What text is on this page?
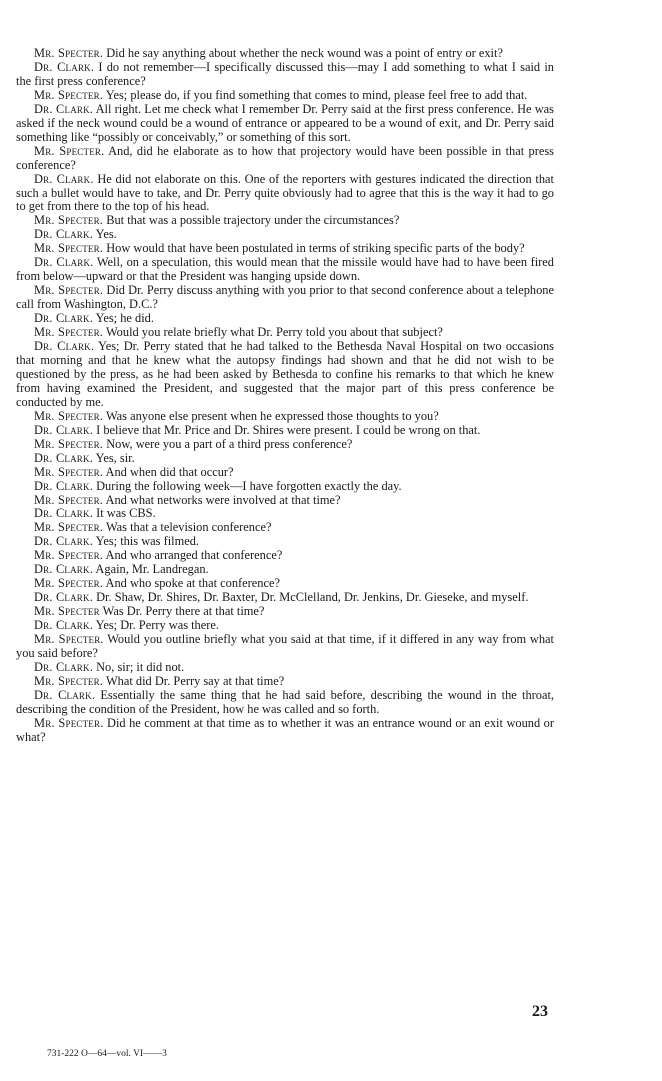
Mr. Specter. Did he say anything about whether the neck wound was a point of entry or exit?

Dr. Clark. I do not remember—I specifically discussed this—may I add something to what I said in the first press conference?

Mr. Specter. Yes; please do, if you find something that comes to mind, please feel free to add that.

Dr. Clark. All right. Let me check what I remember Dr. Perry said at the first press conference. He was asked if the neck wound could be a wound of entrance or appeared to be a wound of exit, and Dr. Perry said something like “possibly or conceivably,” or something of this sort.

Mr. Specter. And, did he elaborate as to how that projectory would have been possible in that press conference?

Dr. Clark. He did not elaborate on this. One of the reporters with gestures indicated the direction that such a bullet would have to take, and Dr. Perry quite obviously had to agree that this is the way it had to go to get from there to the top of his head.

Mr. Specter. But that was a possible trajectory under the circumstances?

Dr. Clark. Yes.

Mr. Specter. How would that have been postulated in terms of striking specific parts of the body?

Dr. Clark. Well, on a speculation, this would mean that the missile would have had to have been fired from below—upward or that the President was hanging upside down.

Mr. Specter. Did Dr. Perry discuss anything with you prior to that second conference about a telephone call from Washington, D.C.?

Dr. Clark. Yes; he did.

Mr. Specter. Would you relate briefly what Dr. Perry told you about that subject?

Dr. Clark. Yes; Dr. Perry stated that he had talked to the Bethesda Naval Hospital on two occasions that morning and that he knew what the autopsy findings had shown and that he did not wish to be questioned by the press, as he had been asked by Bethesda to confine his remarks to that which he knew from having examined the President, and suggested that the major part of this press conference be conducted by me.

Mr. Specter. Was anyone else present when he expressed those thoughts to you?

Dr. Clark. I believe that Mr. Price and Dr. Shires were present. I could be wrong on that.

Mr. Specter. Now, were you a part of a third press conference?

Dr. Clark. Yes, sir.

Mr. Specter. And when did that occur?

Dr. Clark. During the following week—I have forgotten exactly the day.

Mr. Specter. And what networks were involved at that time?

Dr. Clark. It was CBS.

Mr. Specter. Was that a television conference?

Dr. Clark. Yes; this was filmed.

Mr. Specter. And who arranged that conference?

Dr. Clark. Again, Mr. Landregan.

Mr. Specter. And who spoke at that conference?

Dr. Clark. Dr. Shaw, Dr. Shires, Dr. Baxter, Dr. McClelland, Dr. Jenkins, Dr. Gieseke, and myself.

Mr. Specter Was Dr. Perry there at that time?

Dr. Clark. Yes; Dr. Perry was there.

Mr. Specter. Would you outline briefly what you said at that time, if it differed in any way from what you said before?

Dr. Clark. No, sir; it did not.

Mr. Specter. What did Dr. Perry say at that time?

Dr. Clark. Essentially the same thing that he had said before, describing the wound in the throat, describing the condition of the President, how he was called and so forth.

Mr. Specter. Did he comment at that time as to whether it was an entrance wound or an exit wound or what?

23
731-222 O—64—vol. VI——3
